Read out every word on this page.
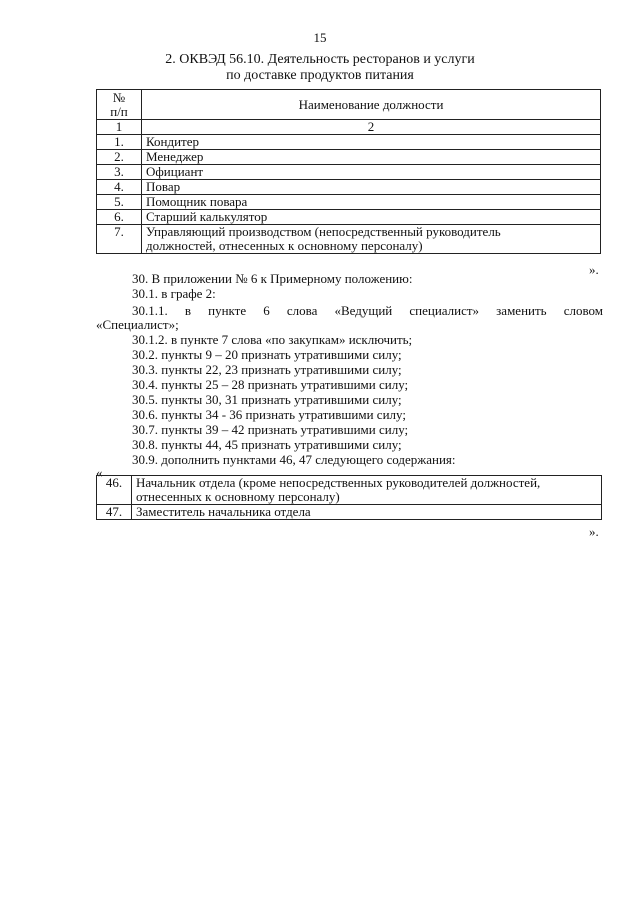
15
2. ОКВЭД 56.10. Деятельность ресторанов и услуги
по доставке продуктов питания
№
п/п	Наименование должности
1	2
1.	Кондитер
2.	Менеджер
3.	Официант
4.	Повар
5.	Помощник повара
6.	Старший калькулятор
7.	Управляющий производством (непосредственный руководитель
должностей, отнесенных к основному персоналу)
».
30. В приложении № 6 к Примерному положению:
30.1. в графе 2:
30.1.1. в пункте 6 слова «Ведущий специалист» заменить словом
«Специалист»;
30.1.2. в пункте 7 слова «по закупкам» исключить;
30.2. пункты 9 – 20 признать утратившими силу;
30.3. пункты 22, 23 признать утратившими силу;
30.4. пункты 25 – 28 признать утратившими силу;
30.5. пункты 30, 31 признать утратившими силу;
30.6. пункты 34 - 36 признать утратившими силу;
30.7. пункты 39 – 42 признать утратившими силу;
30.8. пункты 44, 45 признать утратившими силу;
30.9. дополнить пунктами 46, 47 следующего содержания:
«
46.	Начальник отдела (кроме непосредственных руководителей должностей,
отнесенных к основному персоналу)

47.	Заместитель начальника отдела
».
